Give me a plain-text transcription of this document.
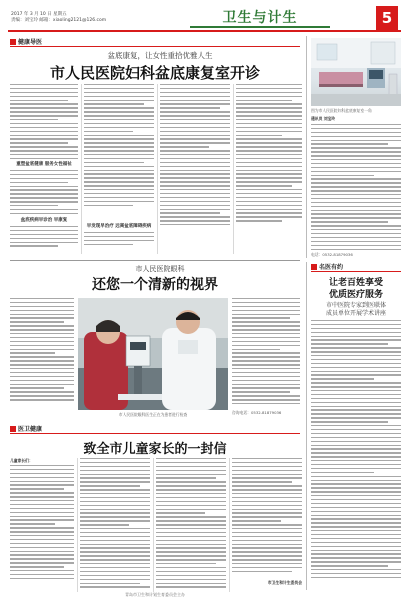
2017 年 3 月 10 日 星期五
责编：刘宝玲 邮箱：xiaoling2121@126.com	卫生与计生	5
健康导医
盆底康复，让女性重拾优雅人生
市人民医院妇科盆底康复室开诊
重塑盆底健康 服务女性福祉
盆底疾病早诊治 早康复
早发现早治疗 远离盆底障碍疾病
图为市人民医院妇科盆底康复室一角
通讯员 刘宝玲
电话：0532-81879036
市人民医院眼科
还您一个清新的视界
市人民医院眼科医生正在为患者进行检查	咨询电话：0532-81879036
名医有约
让老百姓享受
优质医疗服务
市中医院专家到医联体
成员单位开展学术讲座
医卫健康
致全市儿童家长的一封信
儿童家长们：
市卫生和计生委员会
青岛市卫生和计划生育委员会主办
